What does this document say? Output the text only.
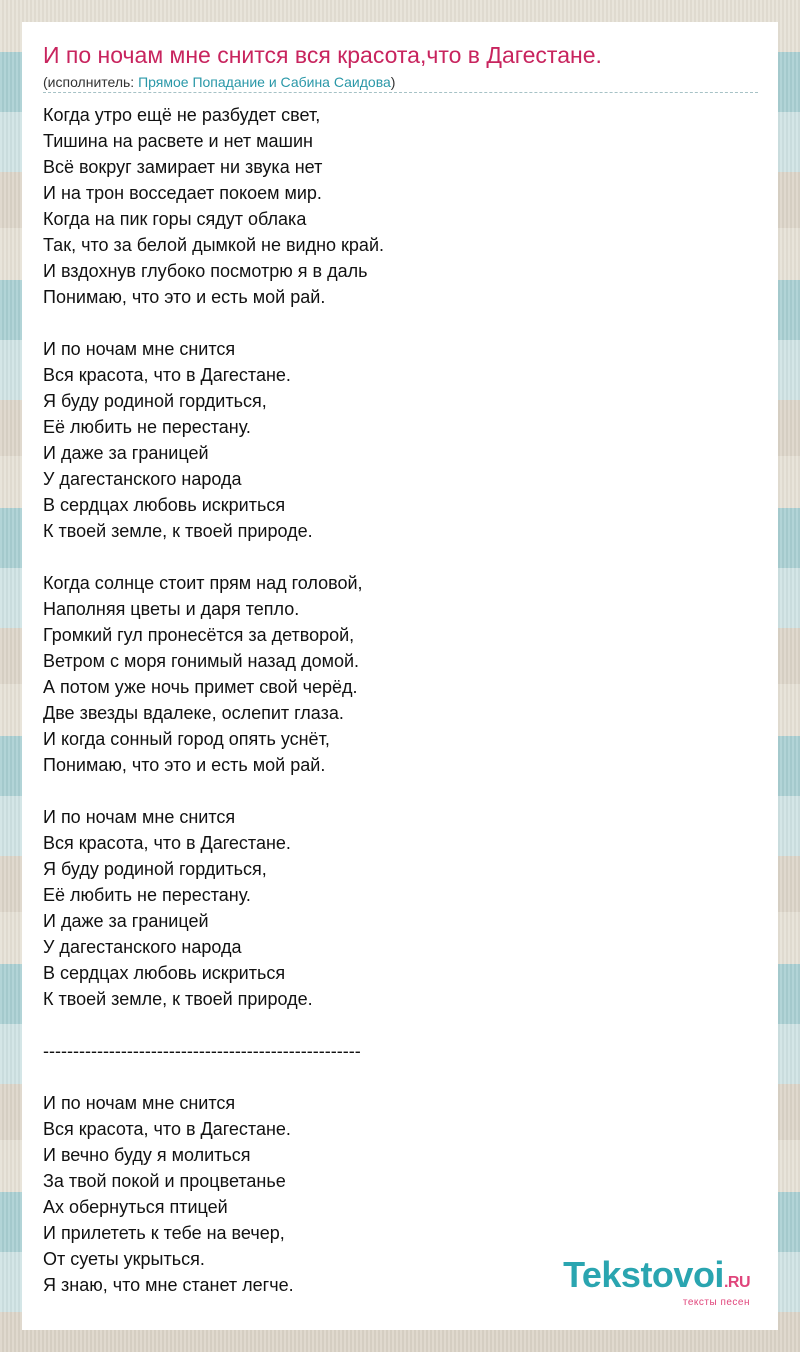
И по ночам мне снится вся красота,что в Дагестане.
(исполнитель: Прямое Попадание и Сабина Саидова)
Когда утро ещё не разбудет свет,
Тишина на расвете и нет машин
Всё вокруг замирает ни звука нет
И на трон восседает покоем мир.
Когда на пик горы сядут облака
Так, что за белой дымкой не видно край.
И вздохнув глубоко посмотрю я в даль
Понимаю, что это и есть мой рай.
И по ночам мне снится
Вся красота, что в Дагестане.
Я буду родиной гордиться,
Её любить не перестану.
И даже за границей
У дагестанского народа
В сердцах любовь искриться
К твоей земле, к твоей природе.
Когда солнце стоит прям над головой,
Наполняя цветы и даря тепло.
Громкий гул пронесётся за детворой,
Ветром с моря гонимый назад домой.
А потом уже ночь примет свой черёд.
Две звезды вдалеке, ослепит глаза.
И когда сонный город опять уснёт,
Понимаю, что это и есть мой рай.
И по ночам мне снится
Вся красота, что в Дагестане.
Я буду родиной гордиться,
Её любить не перестану.
И даже за границей
У дагестанского народа
В сердцах любовь искриться
К твоей земле, к твоей природе.
-----------------------------------------------------
И по ночам мне снится
Вся красота, что в Дагестане.
И вечно буду я молиться
За твой покой и процветанье
Ах обернуться птицей
И прилететь к тебе на вечер,
От суеты укрыться.
Я знаю, что мне станет легче.	Tekstovoi.RU
тексты песен
